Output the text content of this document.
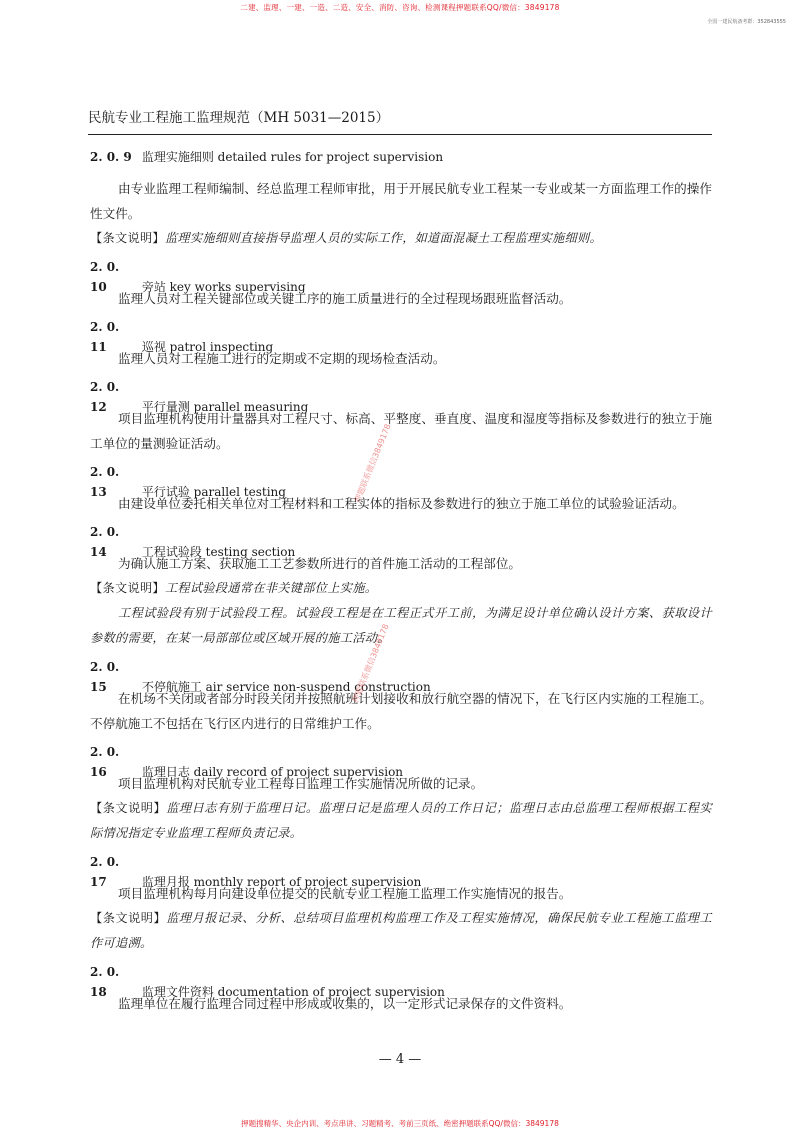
二建、监理、一建、一造、二造、安全、消防、咨询、检测课程押题联系QQ/微信：3849178
全国一建民航备考群：352843555
民航专业工程施工监理规范（MH 5031—2015）
2. 0. 9 监理实施细则 detailed rules for project supervision

由专业监理工程师编制、经总监理工程师审批，用于开展民航专业工程某一专业或某一方面监理工作的操作性文件。

【条文说明】监理实施细则直接指导监理人员的实际工作，如道面混凝土工程监理实施细则。

2. 0. 10	旁站 key works supervising

监理人员对工程关键部位或关键工序的施工质量进行的全过程现场跟班监督活动。

2. 0. 11	巡视 patrol inspecting

监理人员对工程施工进行的定期或不定期的现场检查活动。

2. 0. 12	平行量测 parallel measuring

项目监理机构使用计量器具对工程尺寸、标高、平整度、垂直度、温度和湿度等指标及参数进行的独立于施工单位的量测验证活动。

2. 0. 13	平行试验 parallel testing

由建设单位委托相关单位对工程材料和工程实体的指标及参数进行的独立于施工单位的试验验证活动。

2. 0. 14	工程试验段 testing section

为确认施工方案、获取施工工艺参数所进行的首件施工活动的工程部位。

【条文说明】工程试验段通常在非关键部位上实施。

工程试验段有别于试验段工程。试验段工程是在工程正式开工前，为满足设计单位确认设计方案、获取设计参数的需要，在某一局部部位或区域开展的施工活动。

2. 0. 15	不停航施工 air service non-suspend construction

在机场不关闭或者部分时段关闭并按照航班计划接收和放行航空器的情况下，在飞行区内实施的工程施工。不停航施工不包括在飞行区内进行的日常维护工作。

2. 0. 16	监理日志 daily record of project supervision

项目监理机构对民航专业工程每日监理工作实施情况所做的记录。

【条文说明】监理日志有别于监理日记。监理日记是监理人员的工作日记；监理日志由总监理工程师根据工程实际情况指定专业监理工程师负责记录。

2. 0. 17	监理月报 monthly report of project supervision

项目监理机构每月向建设单位提交的民航专业工程施工监理工作实施情况的报告。

【条文说明】监理月报记录、分析、总结项目监理机构监理工作及工程实施情况，确保民航专业工程施工监理工作可追溯。

2. 0. 18	监理文件资料 documentation of project supervision

监理单位在履行监理合同过程中形成或收集的，以一定形式记录保存的文件资料。

押题联系微信3849178
押题联系微信3849178
— 4 —
押题搜精华、央企内训、考点串讲、习题精考、考前三页纸、绝密押题联系QQ/微信：3849178
